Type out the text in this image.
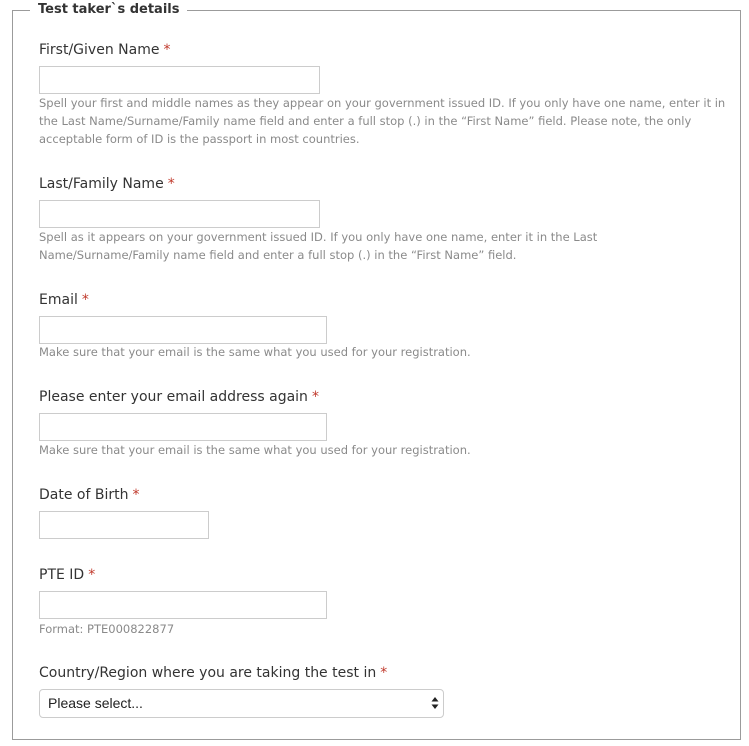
Test taker`s details
First/Given Name *
Spell your first and middle names as they appear on your government issued ID. If you only have one name, enter it in the Last Name/Surname/Family name field and enter a full stop (.) in the “First Name” field. Please note, the only acceptable form of ID is the passport in most countries.
Last/Family Name *
Spell as it appears on your government issued ID. If you only have one name, enter it in the Last Name/Surname/Family name field and enter a full stop (.) in the “First Name” field.
Email *
Make sure that your email is the same what you used for your registration.
Please enter your email address again *
Make sure that your email is the same what you used for your registration.
Date of Birth *
PTE ID *
Format: PTE000822877
Country/Region where you are taking the test in *
Please select...
